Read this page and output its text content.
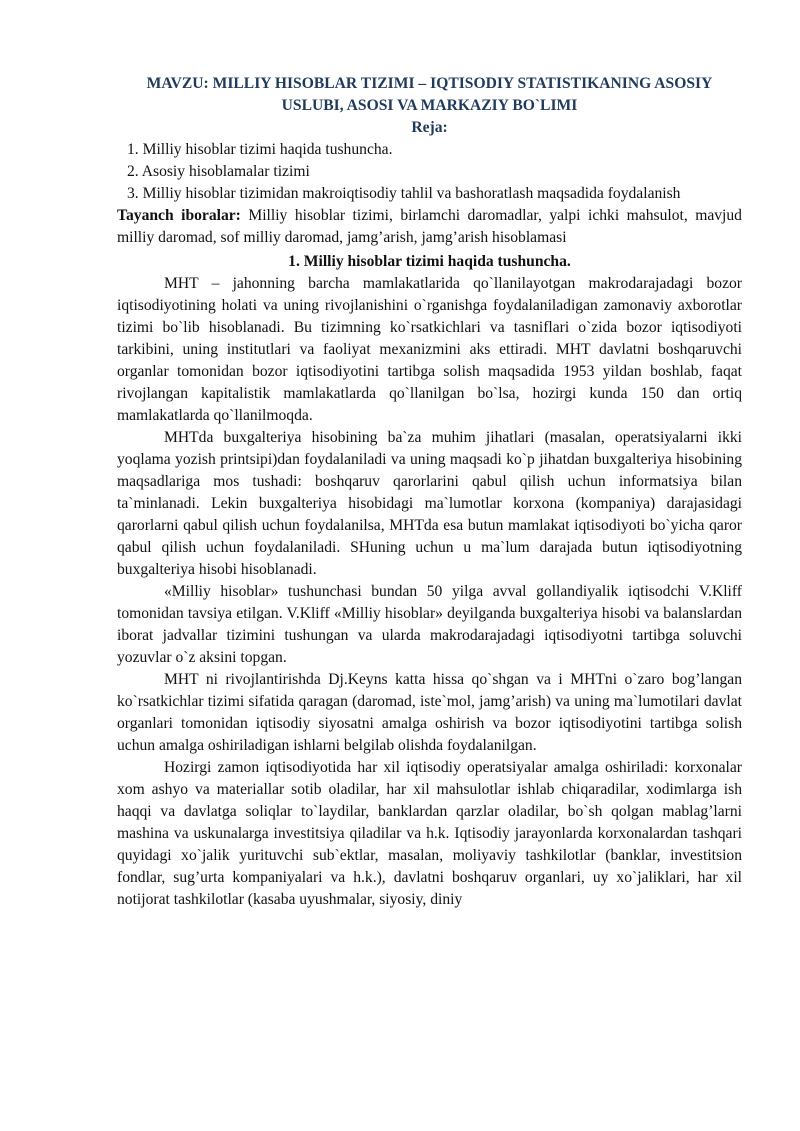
MAVZU: MILLIY HISOBLAR TIZIMI – IQTISODIY STATISTIKANING ASOSIY USLUBI, ASOSI VA MARKAZIY BO`LIMI

Reja:

1. Milliy hisoblar tizimi haqida tushuncha.
2. Asosiy hisoblamalar tizimi
3. Milliy hisoblar tizimidan makroiqtisodiy tahlil va bashoratlash maqsadida foydalanish

Tayanch iboralar: Milliy hisoblar tizimi, birlamchi daromadlar, yalpi ichki mahsulot, mavjud milliy daromad, sof milliy daromad, jamg’arish, jamg’arish hisoblamasi

1. Milliy hisoblar tizimi haqida tushuncha.

MHT – jahonning barcha mamlakatlarida qo`llanilayotgan makrodarajadagi bozor iqtisodiyotining holati va uning rivojlanishini o`rganishga foydalaniladigan zamonaviy axborotlar tizimi bo`lib hisoblanadi. Bu tizimning ko`rsatkichlari va tasniflari o`zida bozor iqtisodiyoti tarkibini, uning institutlari va faoliyat mexanizmini aks ettiradi. MHT davlatni boshqaruvchi organlar tomonidan bozor iqtisodiyotini tartibga solish maqsadida 1953 yildan boshlab, faqat rivojlangan kapitalistik mamlakatlarda qo`llanilgan bo`lsa, hozirgi kunda 150 dan ortiq mamlakatlarda qo`llanilmoqda.

MHTda buxgalteriya hisobining ba`za muhim jihatlari (masalan, operatsiyalarni ikki yoqlama yozish printsipi)dan foydalaniladi va uning maqsadi ko`p jihatdan buxgalteriya hisobining maqsadlariga mos tushadi: boshqaruv qarorlarini qabul qilish uchun informatsiya bilan ta`minlanadi. Lekin buxgalteriya hisobidagi ma`lumotlar korxona (kompaniya) darajasidagi qarorlarni qabul qilish uchun foydalanilsa, MHTda esa butun mamlakat iqtisodiyoti bo`yicha qaror qabul qilish uchun foydalaniladi. SHuning uchun u ma`lum darajada butun iqtisodiyotning buxgalteriya hisobi hisoblanadi.

«Milliy hisoblar» tushunchasi bundan 50 yilga avval gollandiyalik iqtisodchi V.Kliff tomonidan tavsiya etilgan. V.Kliff «Milliy hisoblar» deyilganda buxgalteriya hisobi va balanslardan iborat jadvallar tizimini tushungan va ularda makrodarajadagi iqtisodiyotni tartibga soluvchi yozuvlar o`z aksini topgan.

MHT ni rivojlantirishda Dj.Keyns katta hissa qo`shgan va i MHTni o`zaro bog’langan ko`rsatkichlar tizimi sifatida qaragan (daromad, iste`mol, jamg’arish) va uning ma`lumotilari davlat organlari tomonidan iqtisodiy siyosatni amalga oshirish va bozor iqtisodiyotini tartibga solish uchun amalga oshiriladigan ishlarni belgilab olishda foydalanilgan.

Hozirgi zamon iqtisodiyotida har xil iqtisodiy operatsiyalar amalga oshiriladi: korxonalar xom ashyo va materiallar sotib oladilar, har xil mahsulotlar ishlab chiqaradilar, xodimlarga ish haqqi va davlatga soliqlar to`laydilar, banklardan qarzlar oladilar, bo`sh qolgan mablag’larni mashina va uskunalarga investitsiya qiladilar va h.k. Iqtisodiy jarayonlarda korxonalardan tashqari quyidagi xo`jalik yurituvchi sub`ektlar, masalan, moliyaviy tashkilotlar (banklar, investitsion fondlar, sug’urta kompaniyalari va h.k.), davlatni boshqaruv organlari, uy xo`jaliklari, har xil notijorat tashkilotlar (kasaba uyushmalar, siyosiy, diniy
